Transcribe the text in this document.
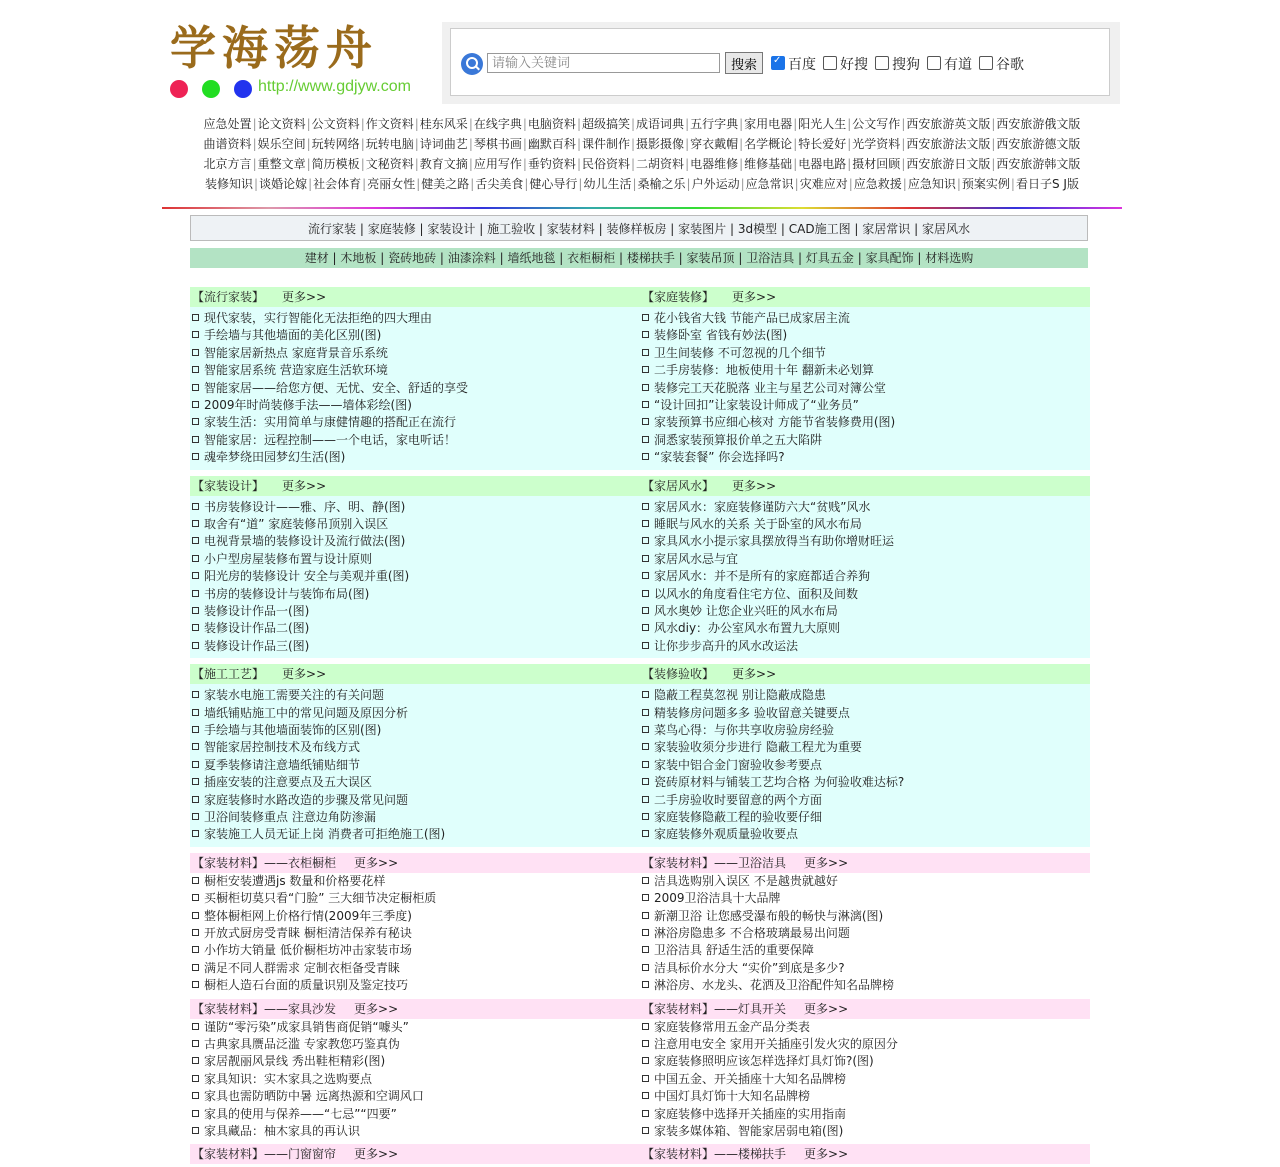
学海荡舟

http://www.gdjyw.com
请输入关键词
搜索
✓	百度 好搜 搜狗 有道 谷歌
应急处置|论文资料|公文资料|作文资料|桂东风采|在线字典|电脑资料|超级搞笑|成语词典|五行字典|家用电器|阳光人生|公文写作|西安旅游英文版|西安旅游俄文版
曲谱资料|娱乐空间|玩转网络|玩转电脑|诗词曲艺|琴棋书画|幽默百科|课件制作|摄影摄像|穿衣戴帽|名学概论|特长爱好|光学资料|西安旅游法文版|西安旅游德文版
北京方言|重整文章|简历模板|文秘资料|教育文摘|应用写作|垂钓资料|民俗资料|二胡资料|电器维修|维修基础|电器电路|摄材回顾|西安旅游日文版|西安旅游韩文版
装修知识|谈婚论嫁|社会体育|亮丽女性|健美之路|舌尖美食|健心导行|幼儿生活|桑榆之乐|户外运动|应急常识|灾难应对|应急救援|应急知识|预案实例|看日子S J版
流行家装 | 家庭装修 | 家装设计 | 施工验收 | 家装材料 | 装修样板房 | 家装图片 | 3d模型 | CAD施工图 | 家居常识 | 家居风水
建材 | 木地板 | 瓷砖地砖 | 油漆涂料 | 墙纸地毯 | 衣柜橱柜 | 楼梯扶手 | 家装吊顶 | 卫浴洁具 | 灯具五金 | 家具配饰 | 材料选购
【流行家装】 更多>>
现代家装，实行智能化无法拒绝的四大理由
手绘墙与其他墙面的美化区别(图)
智能家居新热点 家庭背景音乐系统
智能家居系统 营造家庭生活软环境
智能家居——给您方便、无忧、安全、舒适的享受
2009年时尚装修手法——墙体彩绘(图)
家装生活：实用简单与康健情趣的搭配正在流行
智能家居：远程控制——一个电话，家电听话！
魂牵梦绕田园梦幻生活(图)
【家庭装修】 更多>>
花小钱省大钱 节能产品已成家居主流
装修卧室 省钱有妙法(图)
卫生间装修 不可忽视的几个细节
二手房装修：地板使用十年 翻新未必划算
装修完工天花脱落 业主与星艺公司对簿公堂
“设计回扣”让家装设计师成了“业务员”
家装预算书应细心核对 方能节省装修费用(图)
洞悉家装预算报价单之五大陷阱
“家装套餐” 你会选择吗?
【家装设计】 更多>>
书房装修设计——雅、序、明、静(图)
取舍有“道” 家庭装修吊顶别入误区
电视背景墙的装修设计及流行做法(图)
小户型房屋装修布置与设计原则
阳光房的装修设计 安全与美观并重(图)
书房的装修设计与装饰布局(图)
装修设计作品一(图)
装修设计作品二(图)
装修设计作品三(图)
【家居风水】 更多>>
家居风水：家庭装修谨防六大“贫贱”风水
睡眠与风水的关系 关于卧室的风水布局
家具风水小提示家具摆放得当有助你增财旺运
家居风水忌与宜
家居风水：并不是所有的家庭都适合养狗
以风水的角度看住宅方位、面积及间数
风水奥妙 让您企业兴旺的风水布局
风水diy：办公室风水布置九大原则
让你步步高升的风水改运法
【施工工艺】 更多>>
家装水电施工需要关注的有关问题
墙纸铺贴施工中的常见问题及原因分析
手绘墙与其他墙面装饰的区别(图)
智能家居控制技术及布线方式
夏季装修请注意墙纸铺贴细节
插座安装的注意要点及五大误区
家庭装修时水路改造的步骤及常见问题
卫浴间装修重点 注意边角防渗漏
家装施工人员无证上岗 消费者可拒绝施工(图)
【装修验收】 更多>>
隐蔽工程莫忽视 别让隐蔽成隐患
精装修房问题多多 验收留意关键要点
菜鸟心得：与你共享收房验房经验
家装验收须分步进行 隐蔽工程尤为重要
家装中铝合金门窗验收参考要点
瓷砖原材料与铺装工艺均合格 为何验收难达标?
二手房验收时要留意的两个方面
家庭装修隐蔽工程的验收要仔细
家庭装修外观质量验收要点
【家装材料】——衣柜橱柜 更多>>
橱柜安装遭遇js 数量和价格要花样
买橱柜切莫只看“门脸” 三大细节决定橱柜质
整体橱柜网上价格行情(2009年三季度)
开放式厨房受青睐 橱柜清洁保养有秘诀
小作坊大销量 低价橱柜坊冲击家装市场
满足不同人群需求 定制衣柜备受青睐
橱柜人造石台面的质量识别及鉴定技巧
【家装材料】——卫浴洁具 更多>>
洁具选购别入误区 不是越贵就越好
2009卫浴洁具十大品牌
新潮卫浴 让您感受瀑布般的畅快与淋漓(图)
淋浴房隐患多 不合格玻璃最易出问题
卫浴洁具 舒适生活的重要保障
洁具标价水分大 “实价”到底是多少?
淋浴房、水龙头、花洒及卫浴配件知名品牌榜
【家装材料】——家具沙发 更多>>
谨防“零污染”成家具销售商促销“噱头”
古典家具赝品泛滥 专家教您巧鉴真伪
家居靓丽风景线 秀出鞋柜精彩(图)
家具知识：实木家具之选购要点
家具也需防晒防中暑 远离热源和空调风口
家具的使用与保养——“七忌”“四要”
家具藏品：柚木家具的再认识
【家装材料】——灯具开关 更多>>
家庭装修常用五金产品分类表
注意用电安全 家用开关插座引发火灾的原因分
家庭装修照明应该怎样选择灯具灯饰?(图)
中国五金、开关插座十大知名品牌榜
中国灯具灯饰十大知名品牌榜
家庭装修中选择开关插座的实用指南
家装多媒体箱、智能家居弱电箱(图)
【家装材料】——门窗窗帘 更多>>	【家装材料】——楼梯扶手 更多>>
